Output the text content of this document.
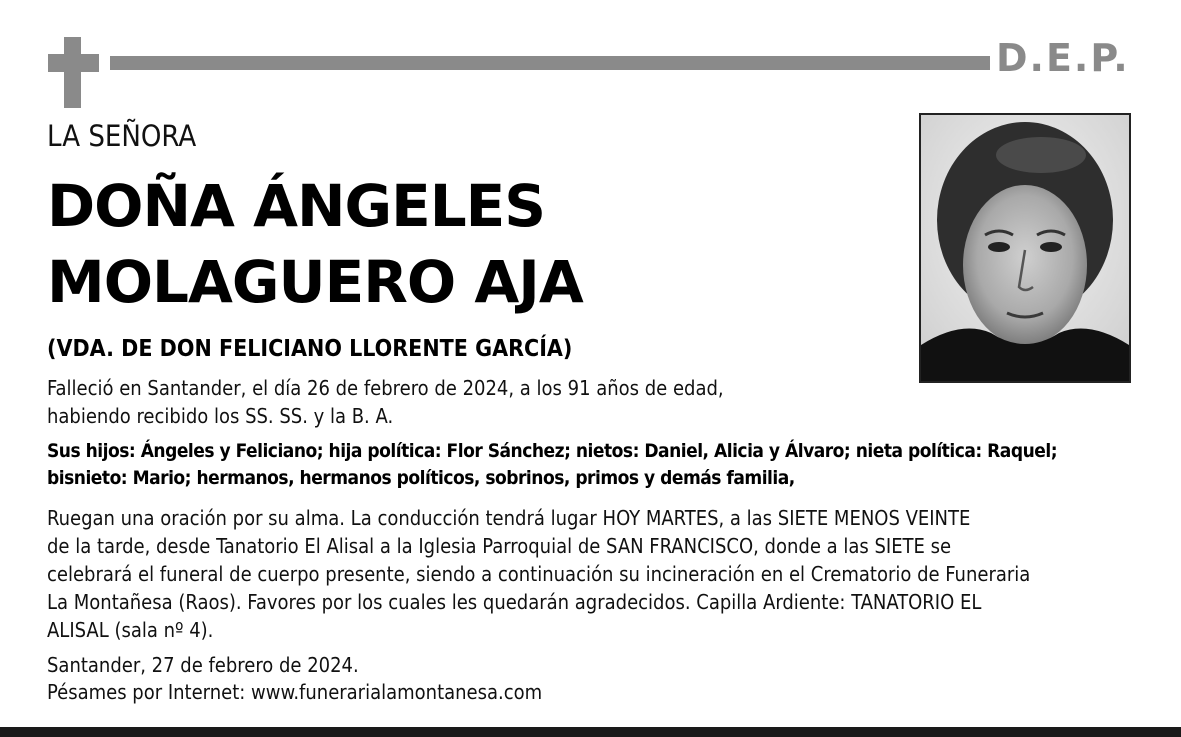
D.E.P.
LA SEÑORA
DOÑA ÁNGELES
MOLAGUERO AJA
(VDA. DE DON FELICIANO LLORENTE GARCÍA)
Falleció en Santander, el día 26 de febrero de 2024, a los 91 años de edad,
habiendo recibido los SS. SS. y la B. A.
Sus hijos: Ángeles y Feliciano; hija política: Flor Sánchez; nietos: Daniel, Alicia y Álvaro; nieta política: Raquel;
bisnieto: Mario; hermanos, hermanos políticos, sobrinos, primos y demás familia,
Ruegan una oración por su alma. La conducción tendrá lugar HOY MARTES, a las SIETE MENOS VEINTE
de la tarde, desde Tanatorio El Alisal a la Iglesia Parroquial de SAN FRANCISCO, donde a las SIETE se
celebrará el funeral de cuerpo presente, siendo a continuación su incineración en el Crematorio de Funeraria
La Montañesa (Raos). Favores por los cuales les quedarán agradecidos. Capilla Ardiente: TANATORIO EL
ALISAL (sala nº 4).
Santander, 27 de febrero de 2024.
Pésames por Internet: www.funerarialamontanesa.com
